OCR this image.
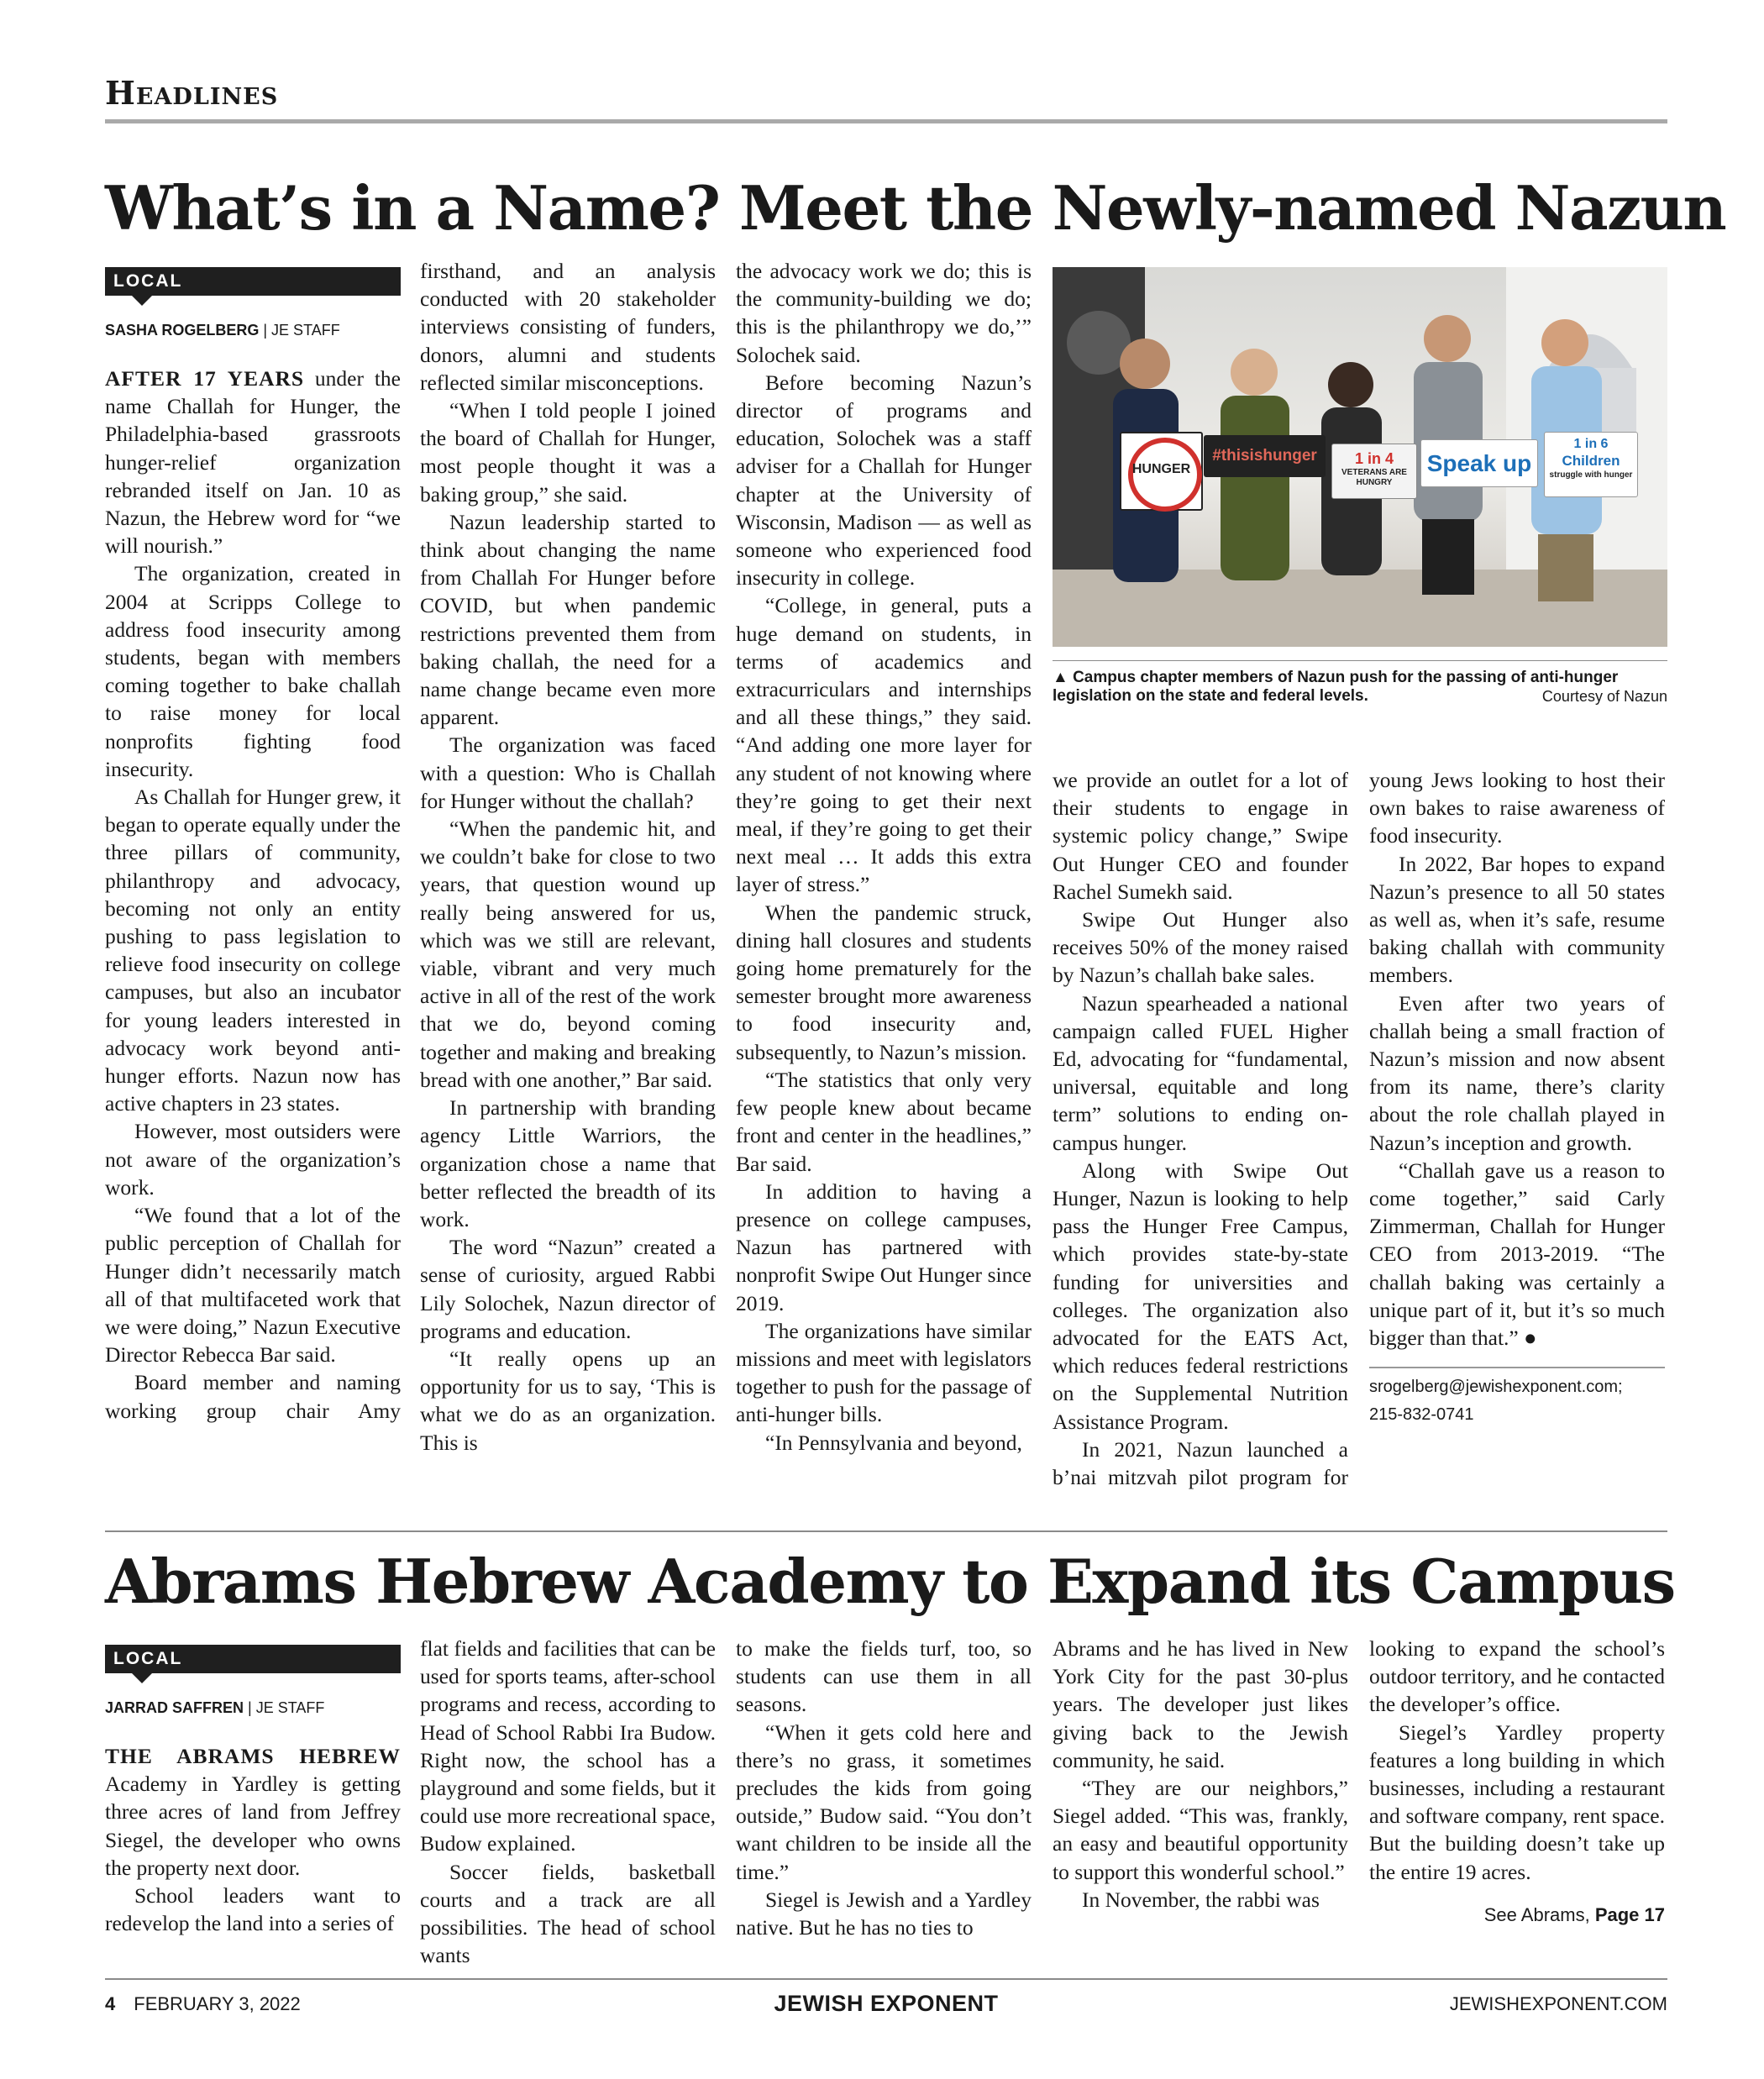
Headlines
What’s in a Name? Meet the Newly-named Nazun
LOCAL
SASHA ROGELBERG | JE STAFF

AFTER 17 YEARS under the name Challah for Hunger, the Philadelphia-based grassroots hunger-relief organization rebranded itself on Jan. 10 as Nazun, the Hebrew word for “we will nourish.”

The organization, created in 2004 at Scripps College to address food insecurity among students, began with members coming together to bake challah to raise money for local nonprofits fighting food insecurity.

As Challah for Hunger grew, it began to operate equally under the three pillars of community, philanthropy and advocacy, becoming not only an entity pushing to pass legislation to relieve food insecurity on college campuses, but also an incubator for young leaders interested in advocacy work beyond anti-hunger efforts. Nazun now has active chapters in 23 states.

However, most outsiders were not aware of the organization’s work.

“We found that a lot of the public perception of Challah for Hunger didn’t necessarily match all of that multifaceted work that we were doing,” Nazun Executive Director Rebecca Bar said.

Board member and naming working group chair Amy

firsthand, and an analysis conducted with 20 stakeholder interviews consisting of funders, donors, alumni and students reflected similar misconceptions.

“When I told people I joined the board of Challah for Hunger, most people thought it was a baking group,” she said.

Nazun leadership started to think about changing the name from Challah For Hunger before COVID, but when pandemic restrictions prevented them from baking challah, the need for a name change became even more apparent.

The organization was faced with a question: Who is Challah for Hunger without the challah?

“When the pandemic hit, and we couldn’t bake for close to two years, that question wound up really being answered for us, which was we still are relevant, viable, vibrant and very much active in all of the rest of the work that we do, beyond coming together and making and breaking bread with one another,” Bar said.

In partnership with branding agency Little Warriors, the organization chose a name that better reflected the breadth of its work.

The word “Nazun” created a sense of curiosity, argued Rabbi Lily Solochek, Nazun director of programs and education.

“It really opens up an opportunity for us to say, ‘This is what we do as an organization. This is

the advocacy work we do; this is the community-building we do; this is the philanthropy we do,’” Solochek said.

Before becoming Nazun’s director of programs and education, Solochek was a staff adviser for a Challah for Hunger chapter at the University of Wisconsin, Madison — as well as someone who experienced food insecurity in college.

“College, in general, puts a huge demand on students, in terms of academics and extracurriculars and internships and all these things,” they said. “And adding one more layer for any student of not knowing where they’re going to get their next meal, if they’re going to get their next meal … It adds this extra layer of stress.”

When the pandemic struck, dining hall closures and students going home prematurely for the semester brought more awareness to food insecurity and, subsequently, to Nazun’s mission.

“The statistics that only very few people knew about became front and center in the headlines,” Bar said.

In addition to having a presence on college campuses, Nazun has partnered with nonprofit Swipe Out Hunger since 2019.

The organizations have similar missions and meet with legislators together to push for the passage of anti-hunger bills.

“In Pennsylvania and beyond,

HUNGER
#thisishunger	1 in 4
VETERANS ARE HUNGRY
Speak up
1 in 6
Children
struggle with hunger
▲ Campus chapter members of Nazun push for the passing of anti-hunger legislation on the state and federal levels.	Courtesy of Nazun

we provide an outlet for a lot of their students to engage in systemic policy change,” Swipe Out Hunger CEO and founder Rachel Sumekh said.

Swipe Out Hunger also receives 50% of the money raised by Nazun’s challah bake sales.

Nazun spearheaded a national campaign called FUEL Higher Ed, advocating for “fundamental, universal, equitable and long term” solutions to ending on-campus hunger.

Along with Swipe Out Hunger, Nazun is looking to help pass the Hunger Free Campus, which provides state-by-state funding for universities and colleges. The organization also advocated for the EATS Act, which reduces federal restrictions on the Supplemental Nutrition Assistance Program.

In 2021, Nazun launched a b’nai mitzvah pilot program for

young Jews looking to host their own bakes to raise awareness of food insecurity.

In 2022, Bar hopes to expand Nazun’s presence to all 50 states as well as, when it’s safe, resume baking challah with community members.

Even after two years of challah being a small fraction of Nazun’s mission and now absent from its name, there’s clarity about the role challah played in Nazun’s inception and growth.

“Challah gave us a reason to come together,” said Carly Zimmerman, Challah for Hunger CEO from 2013-2019. “The challah baking was certainly a unique part of it, but it’s so much bigger than that.” ●

srogelberg@jewishexponent.com;
215-832-0741
Abrams Hebrew Academy to Expand its Campus
LOCAL
JARRAD SAFFREN | JE STAFF

THE ABRAMS HEBREW Academy in Yardley is getting three acres of land from Jeffrey Siegel, the developer who owns the property next door.

School leaders want to redevelop the land into a series of

flat fields and facilities that can be used for sports teams, after-school programs and recess, according to Head of School Rabbi Ira Budow. Right now, the school has a playground and some fields, but it could use more recreational space, Budow explained.

Soccer fields, basketball courts and a track are all possibilities. The head of school wants

to make the fields turf, too, so students can use them in all seasons.

“When it gets cold here and there’s no grass, it sometimes precludes the kids from going outside,” Budow said. “You don’t want children to be inside all the time.”

Siegel is Jewish and a Yardley native. But he has no ties to

Abrams and he has lived in New York City for the past 30-plus years. The developer just likes giving back to the Jewish community, he said.

“They are our neighbors,” Siegel added. “This was, frankly, an easy and beautiful opportunity to support this wonderful school.”

In November, the rabbi was

looking to expand the school’s outdoor territory, and he contacted the developer’s office.

Siegel’s Yardley property features a long building in which businesses, including a restaurant and software company, rent space. But the building doesn’t take up the entire 19 acres.

See Abrams, Page 17
4 FEBRUARY 3, 2022	JEWISH EXPONENT	JEWISHEXPONENT.COM
